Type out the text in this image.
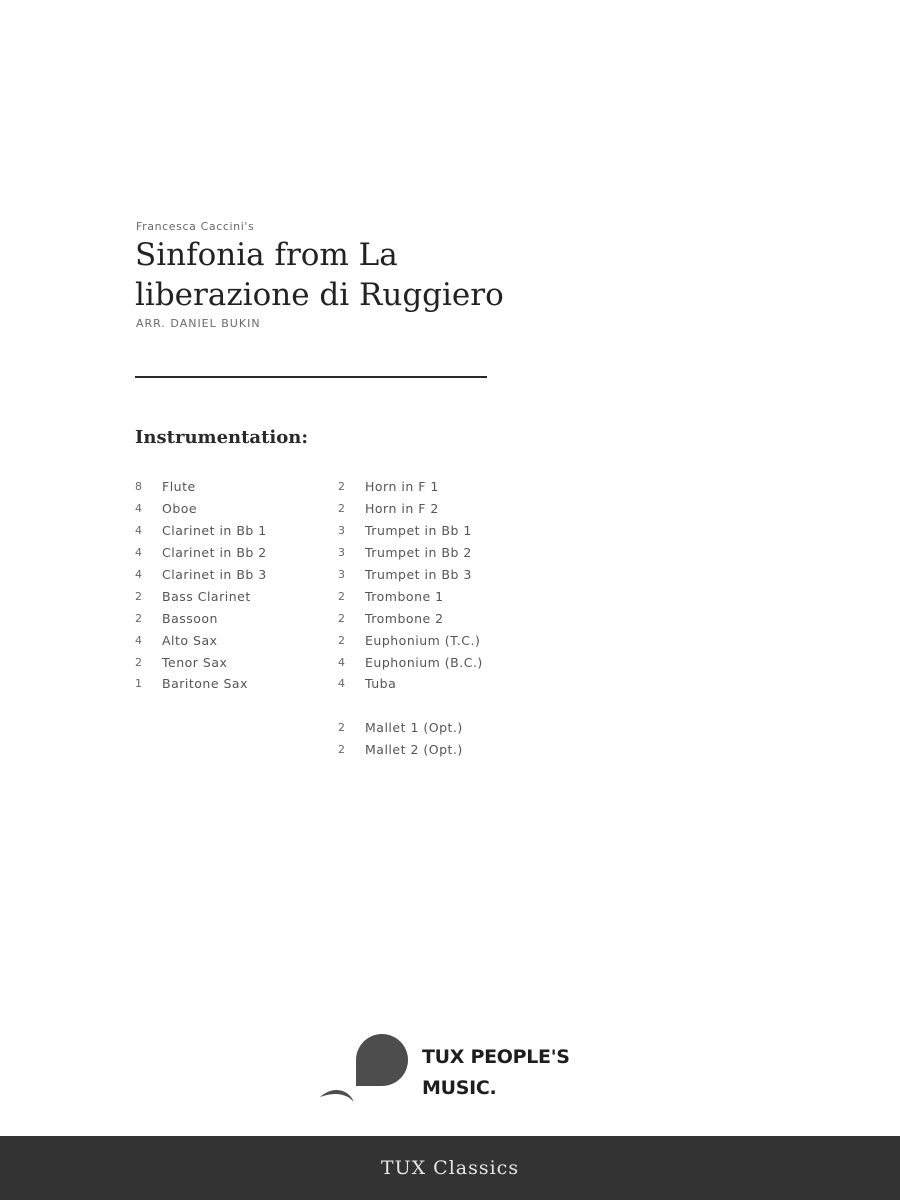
Francesca Caccini's
Sinfonia from La
liberazione di Ruggiero
ARR. DANIEL BUKIN
Instrumentation:
8	Flute
4	Oboe
4	Clarinet in Bb 1
4	Clarinet in Bb 2
4	Clarinet in Bb 3
2	Bass Clarinet
2	Bassoon
4	Alto Sax
2	Tenor Sax
1	Baritone Sax
2	Horn in F 1
2	Horn in F 2
3	Trumpet in Bb 1
3	Trumpet in Bb 2
3	Trumpet in Bb 3
2	Trombone 1
2	Trombone 2
2	Euphonium (T.C.)
4	Euphonium (B.C.)
4	Tuba
2	Mallet 1 (Opt.)
2	Mallet 2 (Opt.)
TUX PEOPLE'S
MUSIC.
TUX Classics
